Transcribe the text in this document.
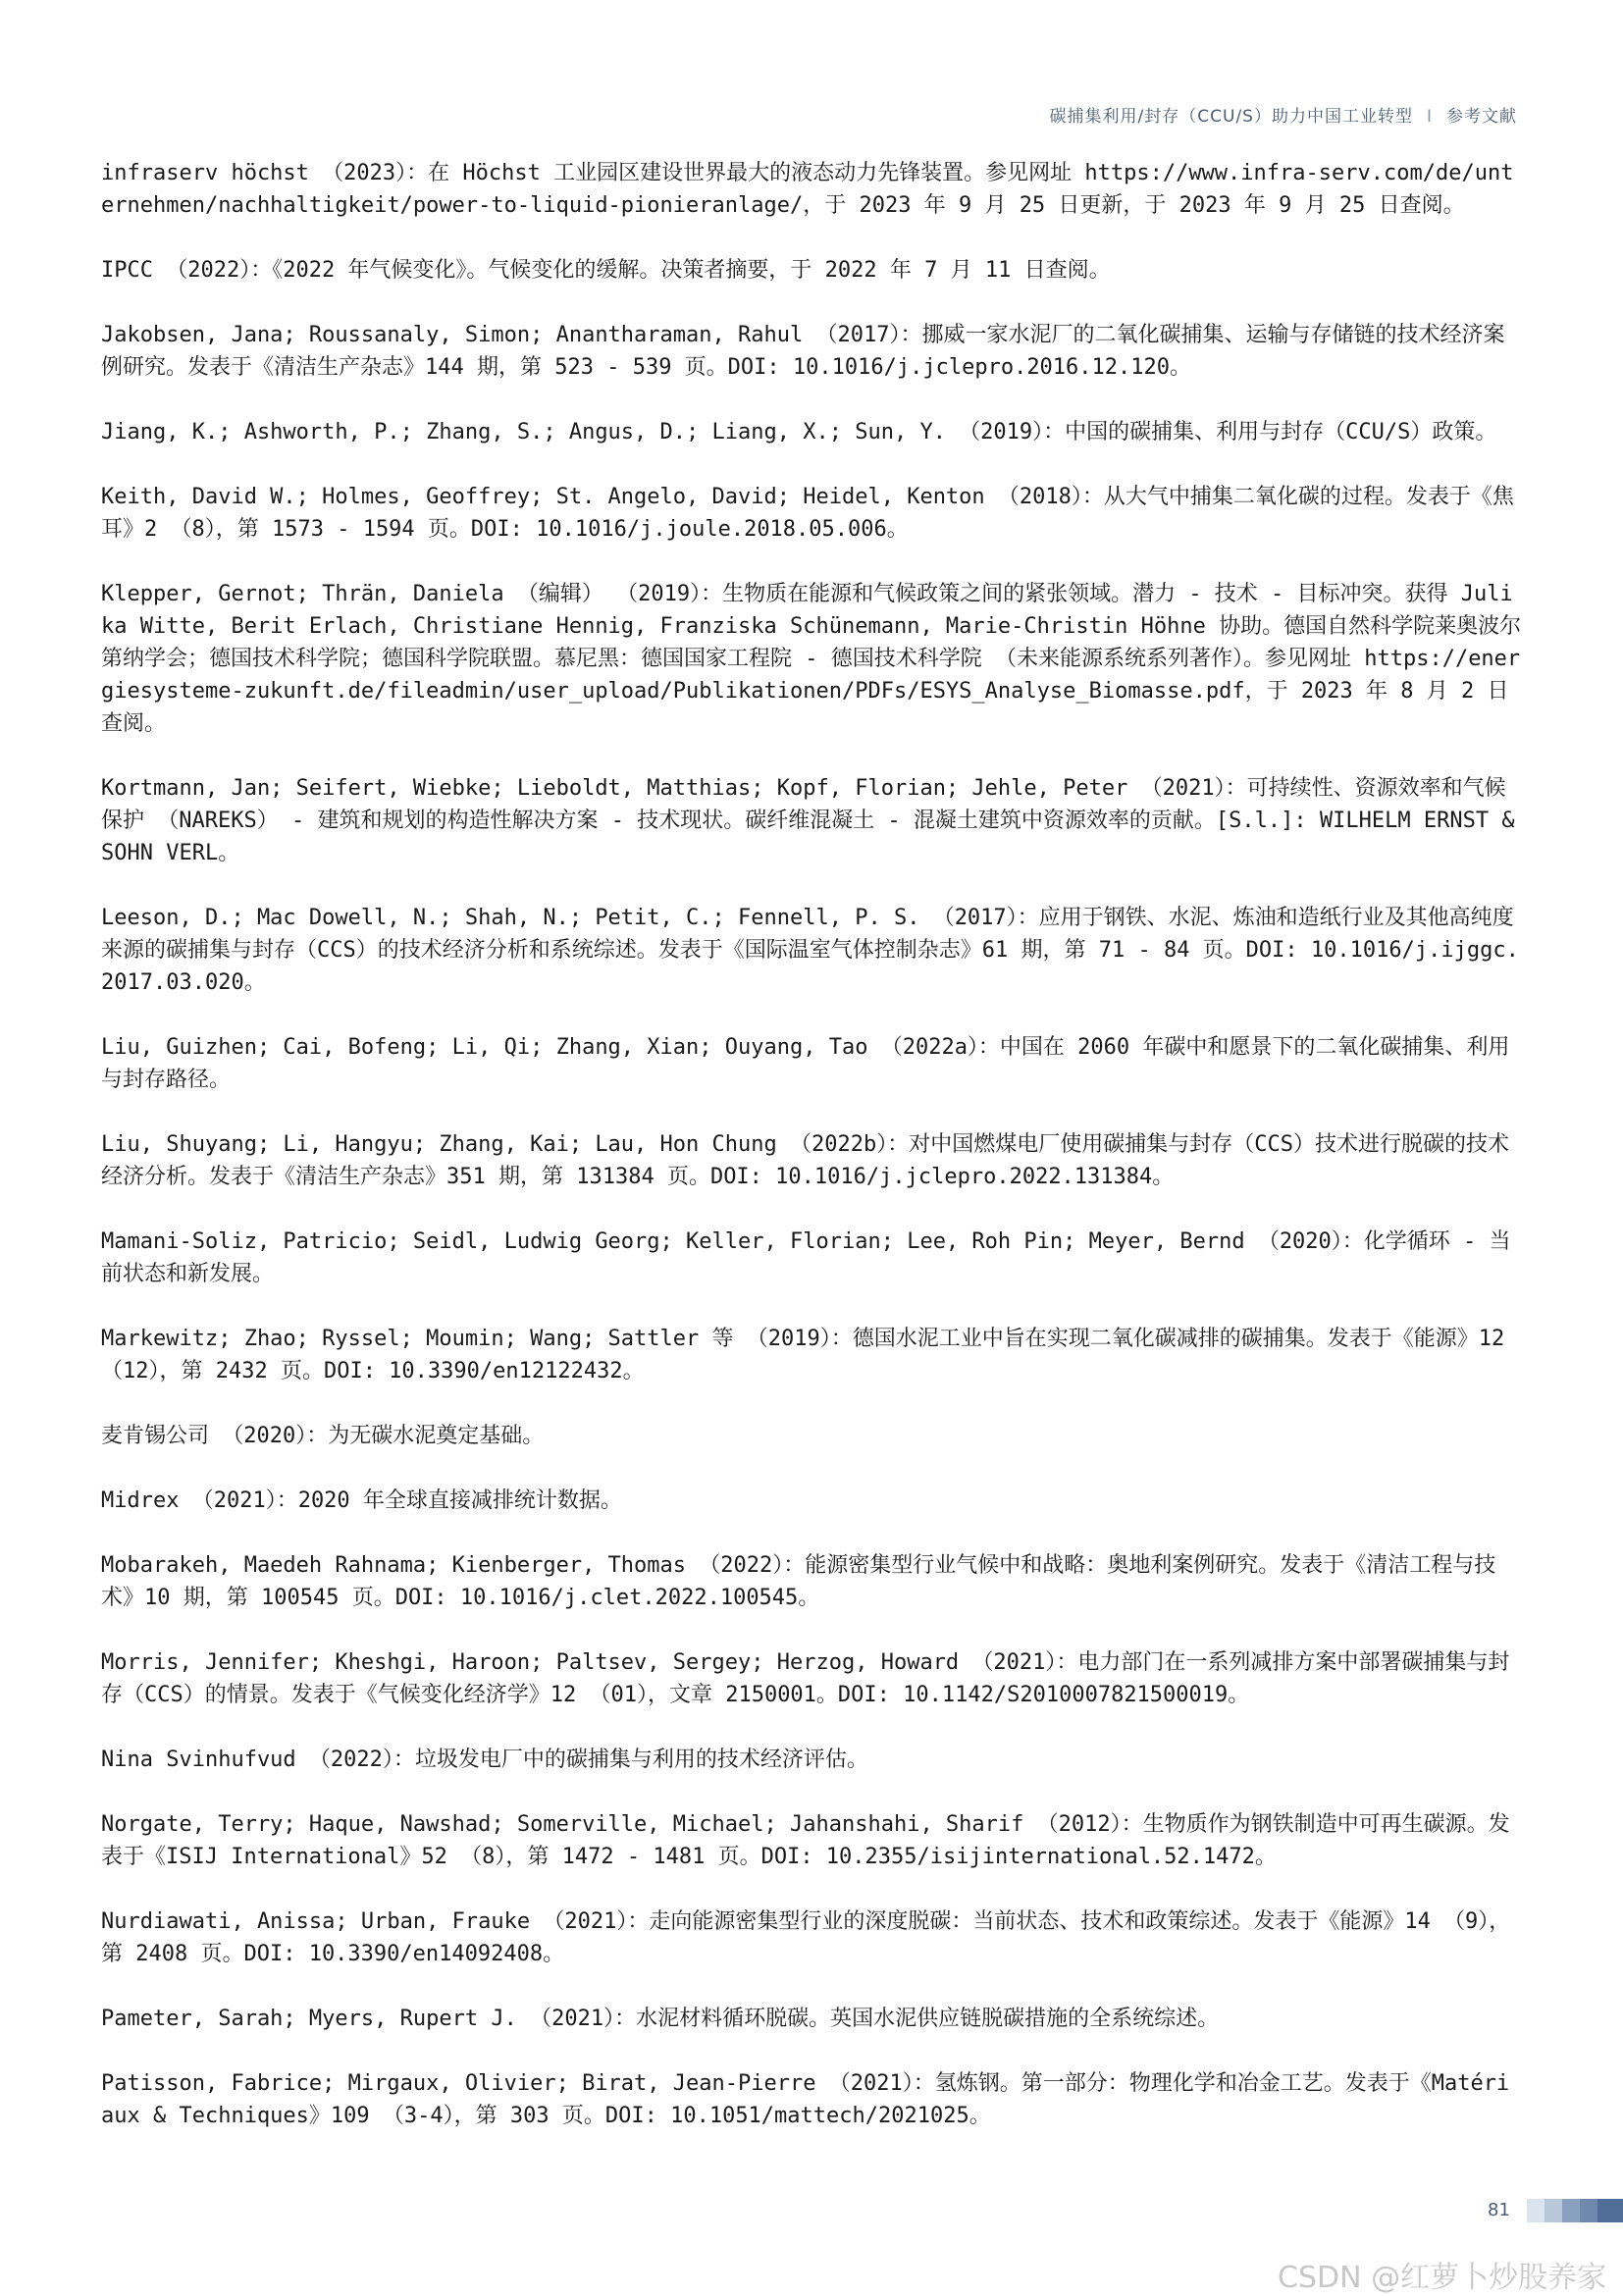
碳捕集利用/封存（CCU/S）助力中国工业转型 I 参考文献

infraserv höchst （2023）：在 Höchst 工业园区建设世界最大的液态动力先锋装置。参见网址 https://www.infra-serv.com/de/unternehmen/nachhaltigkeit/power-to-liquid-pionieranlage/，于 2023 年 9 月 25 日更新，于 2023 年 9 月 25 日查阅。

IPCC （2022）：《2022 年气候变化》。气候变化的缓解。决策者摘要，于 2022 年 7 月 11 日查阅。

Jakobsen, Jana; Roussanaly, Simon; Anantharaman, Rahul （2017）：挪威一家水泥厂的二氧化碳捕集、运输与存储链的技术经济案例研究。发表于《清洁生产杂志》144 期，第 523 - 539 页。DOI: 10.1016/j.jclepro.2016.12.120。

Jiang, K.; Ashworth, P.; Zhang, S.; Angus, D.; Liang, X.; Sun, Y. （2019）：中国的碳捕集、利用与封存（CCU/S）政策。

Keith, David W.; Holmes, Geoffrey; St. Angelo, David; Heidel, Kenton （2018）：从大气中捕集二氧化碳的过程。发表于《焦耳》2 （8），第 1573 - 1594 页。DOI: 10.1016/j.joule.2018.05.006。

Klepper, Gernot; Thrän, Daniela （编辑） （2019）：生物质在能源和气候政策之间的紧张领域。潜力 - 技术 - 目标冲突。获得 Julika Witte, Berit Erlach, Christiane Hennig, Franziska Schünemann, Marie-Christin Höhne 协助。德国自然科学院莱奥波尔第纳学会；德国技术科学院；德国科学院联盟。慕尼黑：德国国家工程院 - 德国技术科学院 （未来能源系统系列著作）。参见网址 https://energiesysteme-zukunft.de/fileadmin/user_upload/Publikationen/PDFs/ESYS_Analyse_Biomasse.pdf，于 2023 年 8 月 2 日查阅。

Kortmann, Jan; Seifert, Wiebke; Lieboldt, Matthias; Kopf, Florian; Jehle, Peter （2021）：可持续性、资源效率和气候保护 （NAREKS） - 建筑和规划的构造性解决方案 - 技术现状。碳纤维混凝土 - 混凝土建筑中资源效率的贡献。[S.l.]: WILHELM ERNST & SOHN VERL。

Leeson, D.; Mac Dowell, N.; Shah, N.; Petit, C.; Fennell, P. S. （2017）：应用于钢铁、水泥、炼油和造纸行业及其他高纯度来源的碳捕集与封存（CCS）的技术经济分析和系统综述。发表于《国际温室气体控制杂志》61 期，第 71 - 84 页。DOI: 10.1016/j.ijggc.2017.03.020。

Liu, Guizhen; Cai, Bofeng; Li, Qi; Zhang, Xian; Ouyang, Tao （2022a）：中国在 2060 年碳中和愿景下的二氧化碳捕集、利用与封存路径。

Liu, Shuyang; Li, Hangyu; Zhang, Kai; Lau, Hon Chung （2022b）：对中国燃煤电厂使用碳捕集与封存（CCS）技术进行脱碳的技术经济分析。发表于《清洁生产杂志》351 期，第 131384 页。DOI: 10.1016/j.jclepro.2022.131384。

Mamani-Soliz, Patricio; Seidl, Ludwig Georg; Keller, Florian; Lee, Roh Pin; Meyer, Bernd （2020）：化学循环 - 当前状态和新发展。

Markewitz; Zhao; Ryssel; Moumin; Wang; Sattler 等 （2019）：德国水泥工业中旨在实现二氧化碳减排的碳捕集。发表于《能源》12 （12），第 2432 页。DOI: 10.3390/en12122432。

麦肯锡公司 （2020）：为无碳水泥奠定基础。

Midrex （2021）：2020 年全球直接减排统计数据。

Mobarakeh, Maedeh Rahnama; Kienberger, Thomas （2022）：能源密集型行业气候中和战略：奥地利案例研究。发表于《清洁工程与技术》10 期，第 100545 页。DOI: 10.1016/j.clet.2022.100545。

Morris, Jennifer; Kheshgi, Haroon; Paltsev, Sergey; Herzog, Howard （2021）：电力部门在一系列减排方案中部署碳捕集与封存（CCS）的情景。发表于《气候变化经济学》12 （01），文章 2150001。DOI: 10.1142/S2010007821500019。

Nina Svinhufvud （2022）：垃圾发电厂中的碳捕集与利用的技术经济评估。

Norgate, Terry; Haque, Nawshad; Somerville, Michael; Jahanshahi, Sharif （2012）：生物质作为钢铁制造中可再生碳源。发表于《ISIJ International》52 （8），第 1472 - 1481 页。DOI: 10.2355/isijinternational.52.1472。

Nurdiawati, Anissa; Urban, Frauke （2021）：走向能源密集型行业的深度脱碳：当前状态、技术和政策综述。发表于《能源》14 （9），第 2408 页。DOI: 10.3390/en14092408。

Pameter, Sarah; Myers, Rupert J. （2021）：水泥材料循环脱碳。英国水泥供应链脱碳措施的全系统综述。

Patisson, Fabrice; Mirgaux, Olivier; Birat, Jean-Pierre （2021）：氢炼钢。第一部分：物理化学和冶金工艺。发表于《Matériaux & Techniques》109 （3-4），第 303 页。DOI: 10.1051/mattech/2021025。

81
CSDN @红萝卜炒股养家
